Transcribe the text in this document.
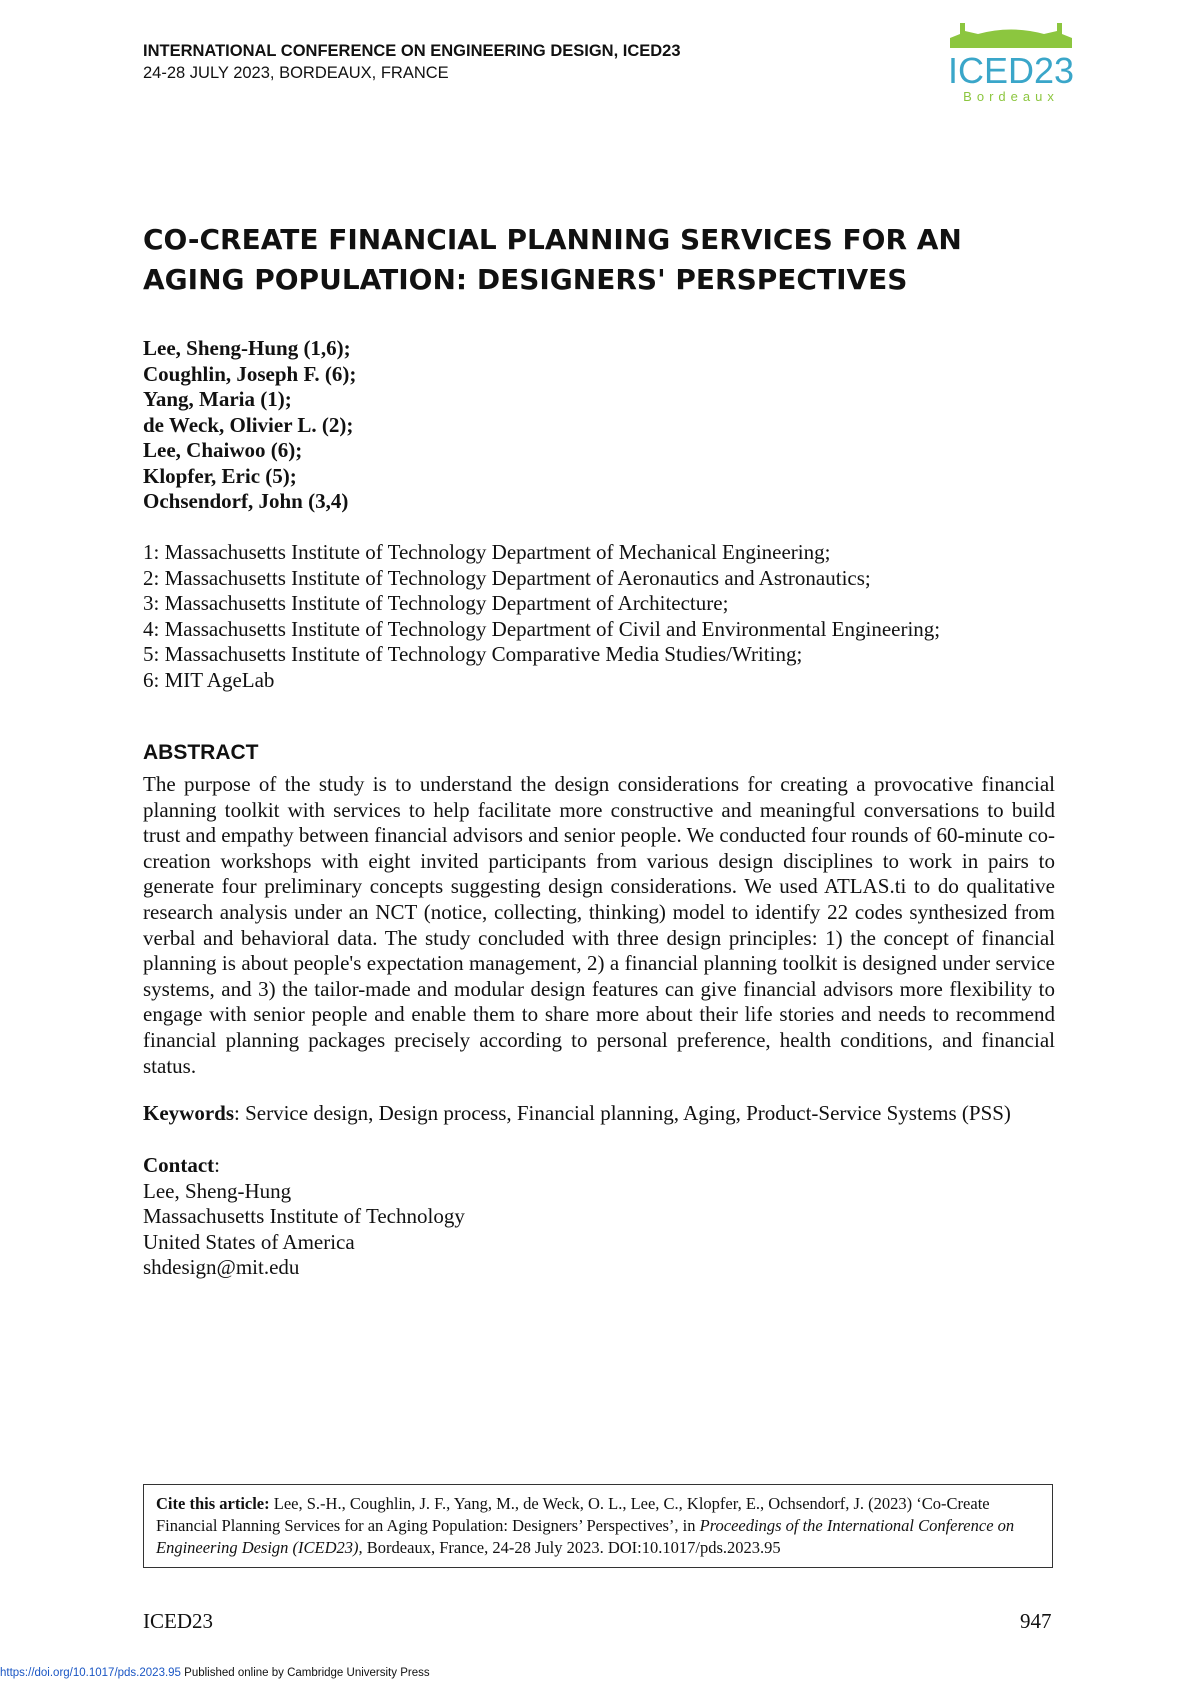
INTERNATIONAL CONFERENCE ON ENGINEERING DESIGN, ICED23
24-28 JULY 2023, BORDEAUX, FRANCE	ICED23
Bordeaux
CO-CREATE FINANCIAL PLANNING SERVICES FOR AN
AGING POPULATION: DESIGNERS' PERSPECTIVES
Lee, Sheng-Hung (1,6);
Coughlin, Joseph F. (6);
Yang, Maria (1);
de Weck, Olivier L. (2);
Lee, Chaiwoo (6);
Klopfer, Eric (5);
Ochsendorf, John (3,4)
1: Massachusetts Institute of Technology Department of Mechanical Engineering;
2: Massachusetts Institute of Technology Department of Aeronautics and Astronautics;
3: Massachusetts Institute of Technology Department of Architecture;
4: Massachusetts Institute of Technology Department of Civil and Environmental Engineering;
5: Massachusetts Institute of Technology Comparative Media Studies/Writing;
6: MIT AgeLab
ABSTRACT

The purpose of the study is to understand the design considerations for creating a provocative financial planning toolkit with services to help facilitate more constructive and meaningful conversations to build trust and empathy between financial advisors and senior people. We conducted four rounds of 60-minute co-creation workshops with eight invited participants from various design disciplines to work in pairs to generate four preliminary concepts suggesting design considerations. We used ATLAS.ti to do qualitative research analysis under an NCT (notice, collecting, thinking) model to identify 22 codes synthesized from verbal and behavioral data. The study concluded with three design principles: 1) the concept of financial planning is about people's expectation management, 2) a financial planning toolkit is designed under service systems, and 3) the tailor-made and modular design features can give financial advisors more flexibility to engage with senior people and enable them to share more about their life stories and needs to recommend financial planning packages precisely according to personal preference, health conditions, and financial status.

Keywords: Service design, Design process, Financial planning, Aging, Product-Service Systems (PSS)
Contact:
Lee, Sheng-Hung
Massachusetts Institute of Technology
United States of America
shdesign@mit.edu
Cite this article: Lee, S.-H., Coughlin, J. F., Yang, M., de Weck, O. L., Lee, C., Klopfer, E., Ochsendorf, J. (2023) ‘Co-Create Financial Planning Services for an Aging Population: Designers’ Perspectives’, in Proceedings of the International Conference on Engineering Design (ICED23), Bordeaux, France, 24-28 July 2023. DOI:10.1017/pds.2023.95
ICED23	947
https://doi.org/10.1017/pds.2023.95 Published online by Cambridge University Press
